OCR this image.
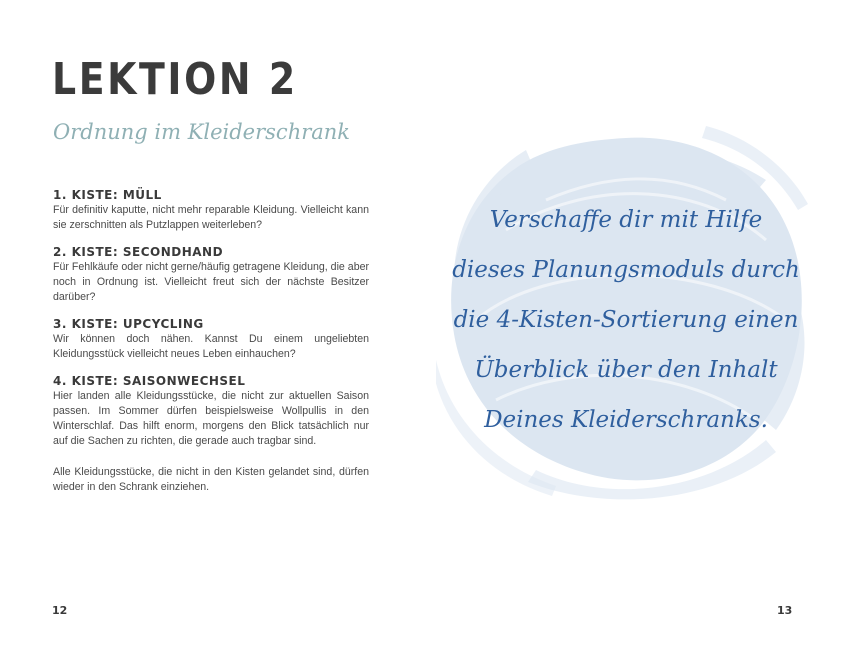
LEKTION 2
Ordnung im Kleiderschrank
1. KISTE: MÜLL

Für definitiv kaputte, nicht mehr reparable Kleidung. Vielleicht kann sie zerschnitten als Putzlappen weiterleben?

2. KISTE: SECONDHAND

Für Fehlkäufe oder nicht gerne/häufig getragene Kleidung, die aber noch in Ordnung ist. Vielleicht freut sich der nächste Besitzer darüber?

3. KISTE: UPCYCLING

Wir können doch nähen. Kannst Du einem ungeliebten Kleidungsstück vielleicht neues Leben einhauchen?

4. KISTE: SAISONWECHSEL

Hier landen alle Kleidungsstücke, die nicht zur aktuellen Saison passen. Im Sommer dürfen beispielsweise Wollpullis in den Winterschlaf. Das hilft enorm, morgens den Blick tatsächlich nur auf die Sachen zu richten, die gerade auch tragbar sind.

Alle Kleidungsstücke, die nicht in den Kisten gelandet sind, dürfen wieder in den Schrank einziehen.

12
Verschaffe dir mit Hilfe
dieses Planungsmoduls durch
die 4-Kisten-Sortierung einen
Überblick über den Inhalt
Deines Kleiderschranks.
13
